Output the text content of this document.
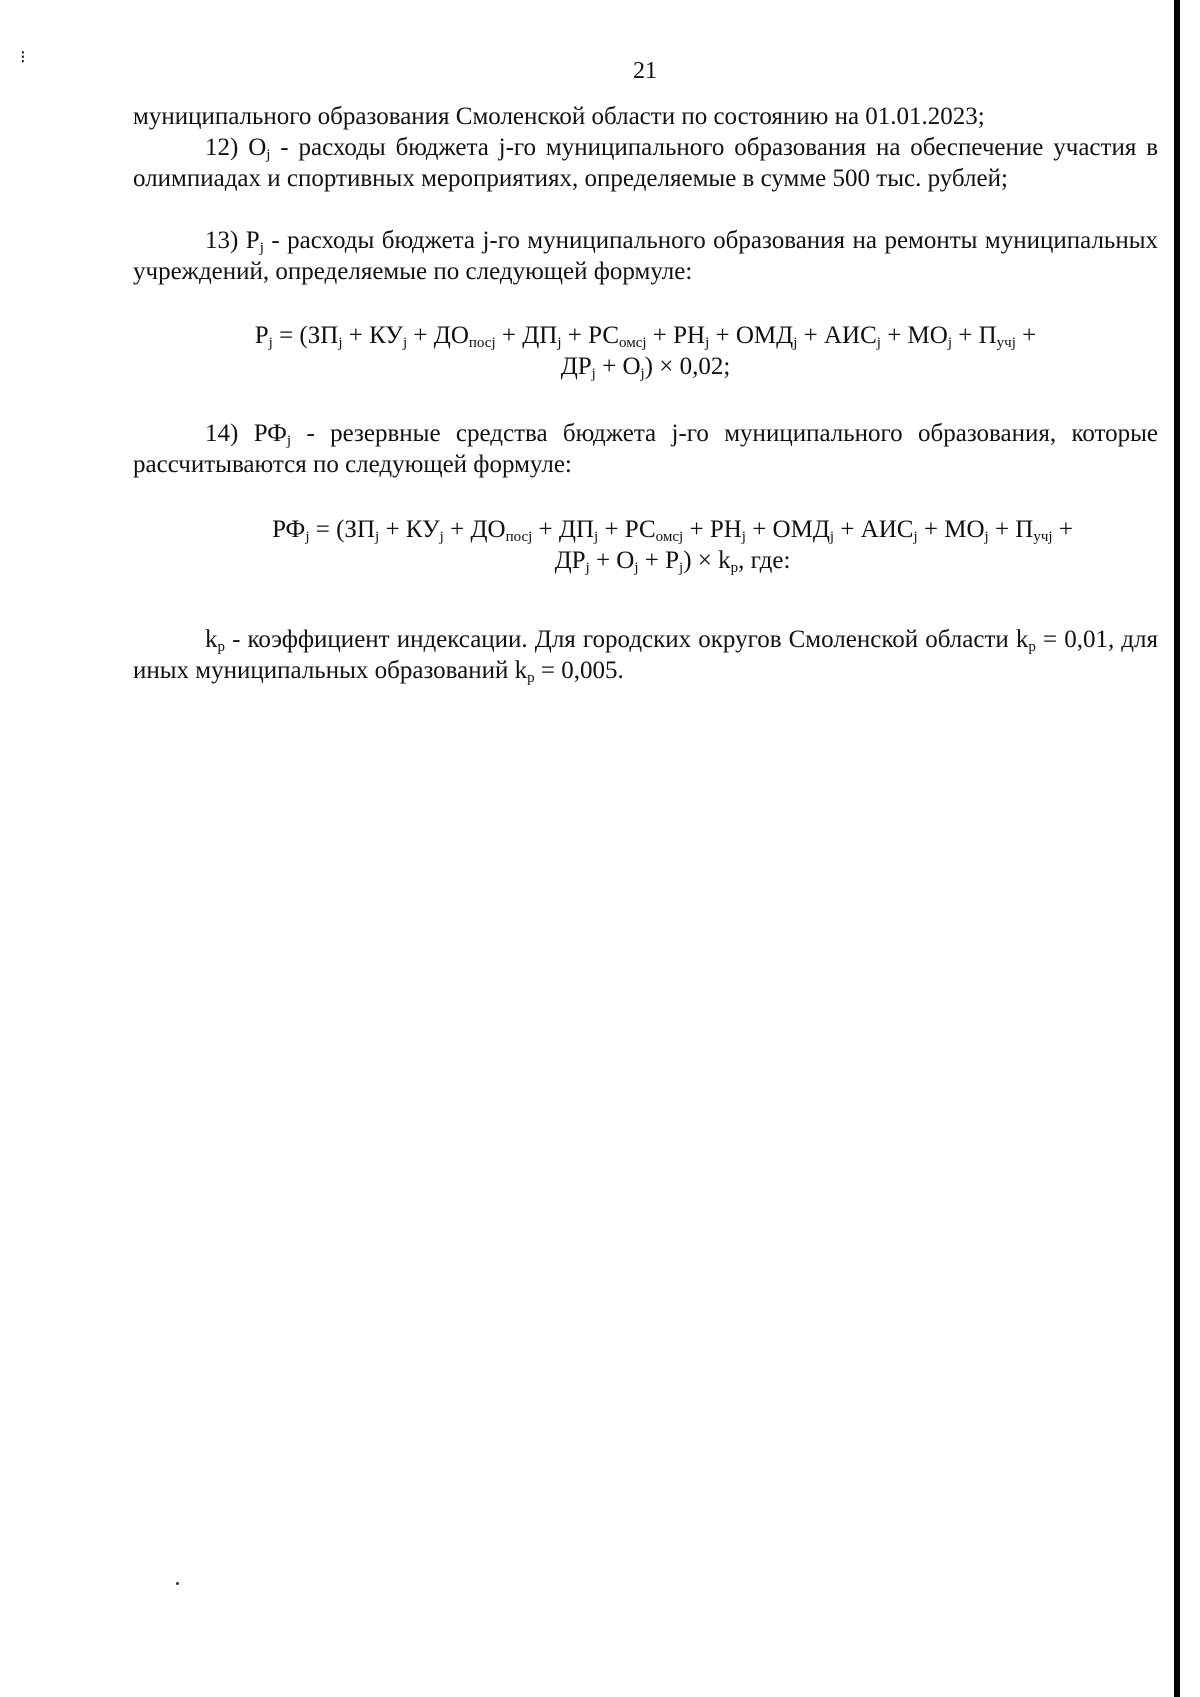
⁝
21

муниципального образования Смоленской области по состоянию на 01.01.2023;

12) $O_j$ - расходы бюджета j-го муниципального образования на обеспечение участия в олимпиадах и спортивных мероприятиях, определяемые в сумме 500 тыс. рублей;

13) $P_j$ - расходы бюджета j-го муниципального образования на ремонты муниципальных учреждений, определяемые по следующей формуле:

$P_j = (ЗП_j + КУ_j + ДО_{посj} + ДП_j + РС_{омсj} + РН_j + ОМД_j + АИС_j + МО_j + П_{учj}$ +
$ДР_j + O_j) \times 0,02$;

14) $РФ_j$ - резервные средства бюджета j-го муниципального образования, которые рассчитываются по следующей формуле:

$РФ_j = (ЗП_j + КУ_j + ДО_{посj} + ДП_j + РС_{омсj} + РН_j + ОМД_j + АИС_j + МО_j + П_{учj}$ +
$ДР_j + O_j + P_j) \times k_p$, где:

$k_p$ - коэффициент индексации. Для городских округов Смоленской области $k_p = 0,01$, для иных муниципальных образований $k_p = 0,005$.
